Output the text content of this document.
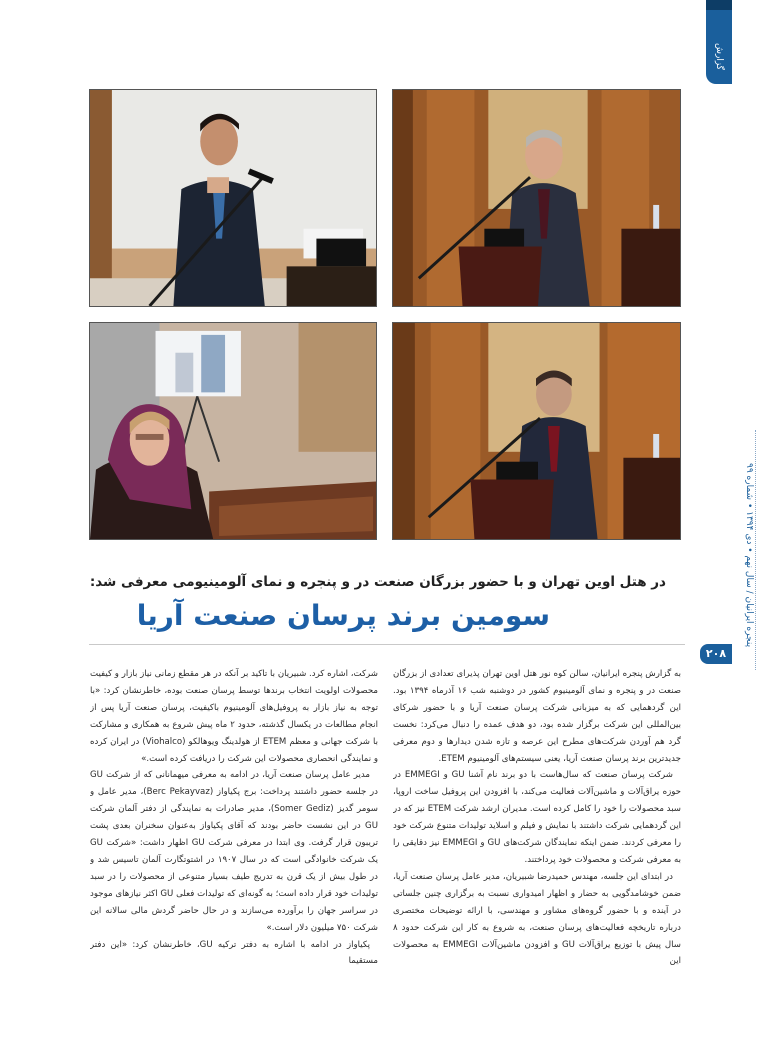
گزارش
پنجره ایرانیان / سال نهم • دی ۱۳۹۴ • شماره ۹۹
۲۰۸
در هتل اوین تهران و با حضور بزرگان صنعت در و پنجره و نمای آلومینیومی معرفی شد:
سومین برند پرسان صنعت آریا

به گزارش پنجره ایرانیان، سالن کوه نور هتل اوین تهران پذیرای تعدادی از بزرگان صنعت در و پنجره و نمای آلومینیوم کشور در دوشنبه شب ۱۶ آذرماه ۱۳۹۴ بود. این گردهمایی که به میزبانی شرکت پرسان صنعت آریا و با حضور شرکای بین‌المللی این شرکت برگزار شده بود، دو هدف عمده را دنبال می‌کرد: نخست گرد هم آوردن شرکت‌های مطرح این عرصه و تازه شدن دیدارها و دوم معرفی جدیدترین برند پرسان صنعت آریا، یعنی سیستم‌های آلومینیوم ETEM.

شرکت پرسان صنعت که سال‌هاست با دو برند نام آشنا GU و EMMEGI در حوزه یراق‌آلات و ماشین‌آلات فعالیت می‌کند، با افزودن این پروفیل ساخت اروپا، سبد محصولات را خود را کامل کرده است. مدیران ارشد شرکت ETEM نیز که در این گردهمایی شرکت داشتند با نمایش و فیلم و اسلاید تولیدات متنوع شرکت خود را معرفی کردند. ضمن اینکه نمایندگان شرکت‌های GU و EMMEGI نیز دقایقی را به معرفی شرکت و محصولات خود پرداختند.

در ابتدای این جلسه، مهندس حمیدرضا شبیریان، مدیر عامل پرسان صنعت آریا، ضمن خوشامدگویی به حضار و اظهار امیدواری نسبت به برگزاری چنین جلساتی در آینده و با حضور گروه‌های مشاور و مهندسی، با ارائه توضیحات مختصری درباره تاریخچه فعالیت‌های پرسان صنعت، به شروع به کار این شرکت حدود ۸ سال پیش با توزیع یراق‌آلات GU و افزودن ماشین‌آلات EMMEGI به محصولات این

شرکت، اشاره کرد. شبیریان با تاکید بر آنکه در هر مقطع زمانی نیاز بازار و کیفیت محصولات اولویت انتخاب برندها توسط پرسان صنعت بوده، خاطرنشان کرد: «با توجه به نیاز بازار به پروفیل‌های آلومینیوم باکیفیت، پرسان صنعت آریا پس از انجام مطالعات در یکسال گذشته، حدود ۲ ماه پیش شروع به همکاری و مشارکت با شرکت جهانی و معظم ETEM از هولدینگ ویوهالکو (Viohalco) در ایران کرده و نمایندگی انحصاری محصولات این شرکت را دریافت کرده است.»

مدیر عامل پرسان صنعت آریا، در ادامه به معرفی میهمانانی که از شرکت GU در جلسه حضور داشتند پرداخت: برج پکیاواز (Berc Pekayvaz)، مدیر عامل و سومر گدیز (Somer Gediz)، مدیر صادرات به نمایندگی از دفتر آلمان شرکت GU در این نشست حاضر بودند که آقای پکیاواز به‌عنوان سخنران بعدی پشت تریبون قرار گرفت. وی ابتدا در معرفی شرکت GU اظهار داشت: «شرکت GU یک شرکت خانوادگی است که در سال ۱۹۰۷ در اشتوتگارت آلمان تاسیس شد و در طول بیش از یک قرن به تدریج طیف بسیار متنوعی از محصولات را در سبد تولیدات خود قرار داده است؛ به گونه‌ای که تولیدات فعلی GU اکثر نیازهای موجود در سراسر جهان را برآورده می‌سازند و در حال حاضر گردش مالی سالانه این شرکت ۷۵۰ میلیون دلار است.»

پکیاواز در ادامه با اشاره به دفتر ترکیه GU، خاطرنشان کرد: «این دفتر مستقیما
